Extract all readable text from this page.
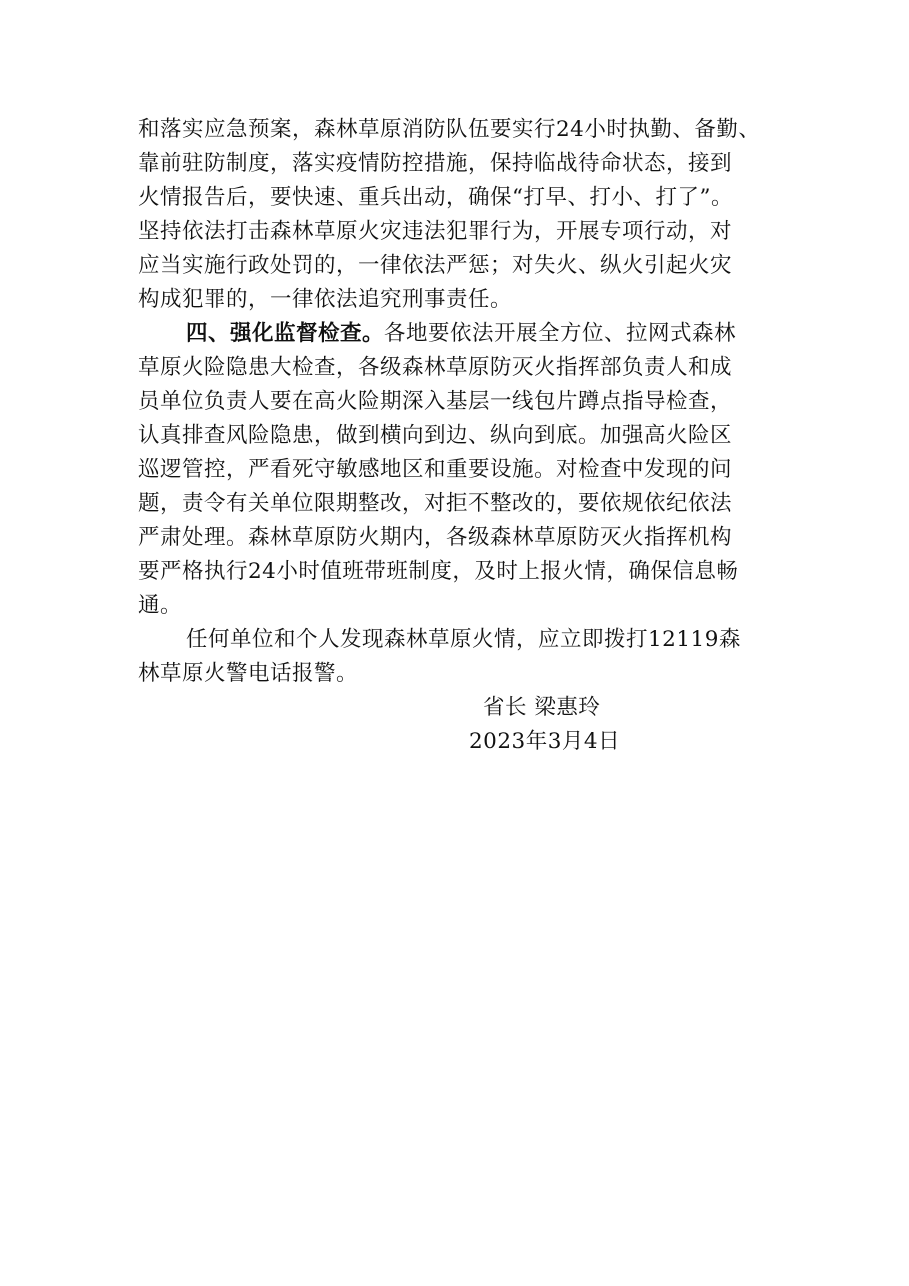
和落实应急预案，森林草原消防队伍要实行24小时执勤、备勤、
靠前驻防制度，落实疫情防控措施，保持临战待命状态，接到
火情报告后，要快速、重兵出动，确保“打早、打小、打了”。
坚持依法打击森林草原火灾违法犯罪行为，开展专项行动，对
应当实施行政处罚的，一律依法严惩；对失火、纵火引起火灾
构成犯罪的，一律依法追究刑事责任。
四、强化监督检查。各地要依法开展全方位、拉网式森林
草原火险隐患大检查，各级森林草原防灭火指挥部负责人和成
员单位负责人要在高火险期深入基层一线包片蹲点指导检查，
认真排查风险隐患，做到横向到边、纵向到底。加强高火险区
巡逻管控，严看死守敏感地区和重要设施。对检查中发现的问
题，责令有关单位限期整改，对拒不整改的，要依规依纪依法
严肃处理。森林草原防火期内，各级森林草原防灭火指挥机构
要严格执行24小时值班带班制度，及时上报火情，确保信息畅
通。
任何单位和个人发现森林草原火情，应立即拨打12119森
林草原火警电话报警。
省长 梁惠玲
2023年3月4日
